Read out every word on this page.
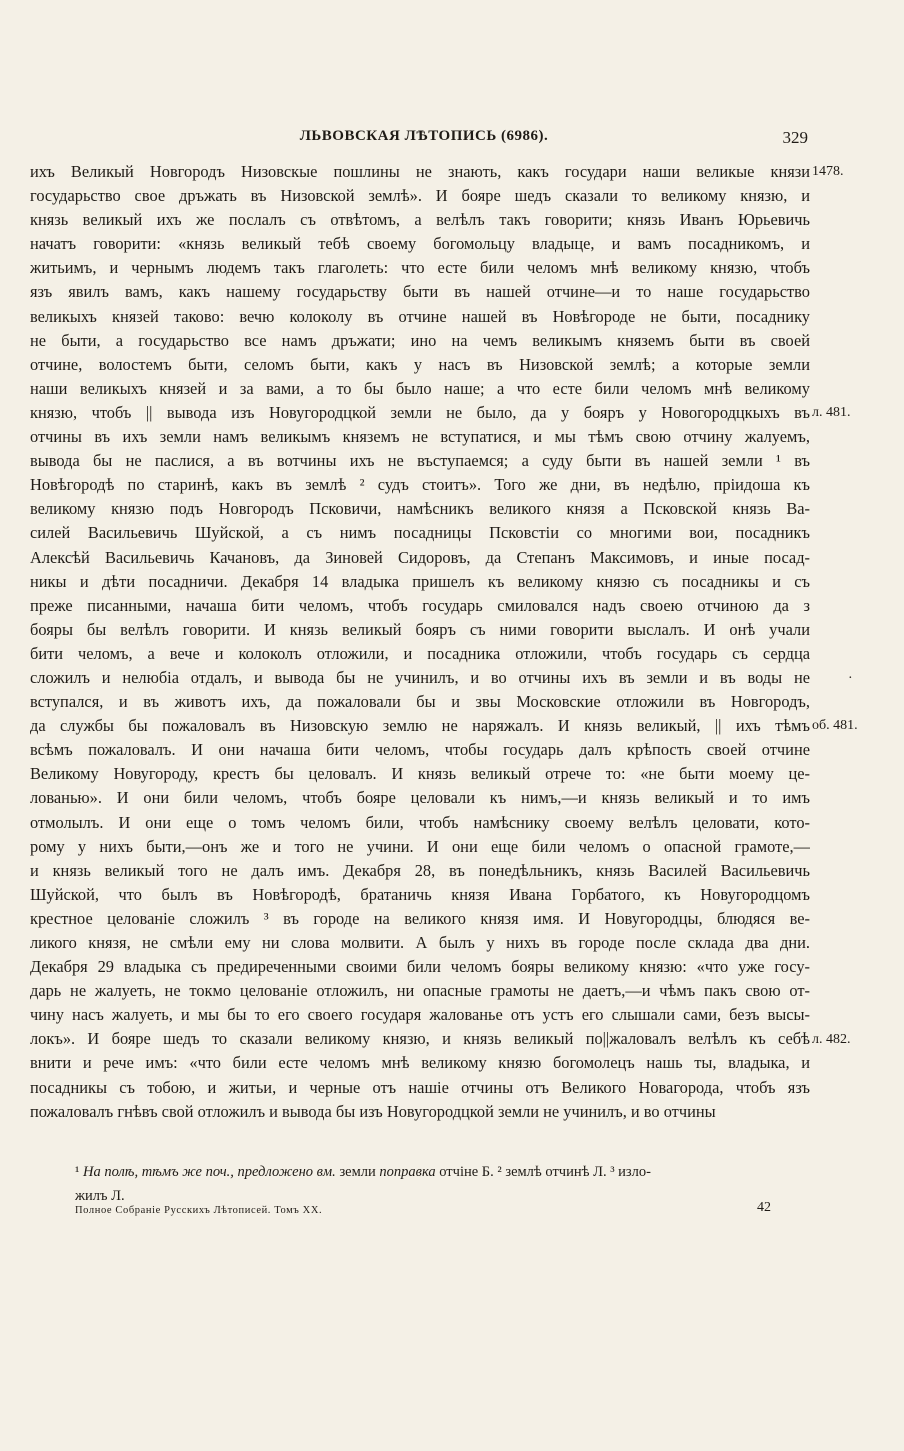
ЛЬВОВСКАЯ ЛѢТОПИСЬ (6986).	329
ихъ Великый Новгородъ Низовскые пошлины не знають, какъ государи наши великые князи
государьство свое дръжать въ Низовской землѣ». И бояре шедъ сказали то великому князю, и
князь великый ихъ же послалъ съ отвѣтомъ, а велѣлъ такъ говорити; князь Иванъ Юрьевичь
начатъ говорити: «князь великый тебѣ своему богомольцу владыце, и вамъ посадникомъ, и
житьимъ, и чернымъ людемъ такъ глаголеть: что есте били челомъ мнѣ великому князю, чтобъ
язъ явилъ вамъ, какъ нашему государьству быти въ нашей отчине—и то наше государьство
великыхъ князей таково: вечю колоколу въ отчине нашей въ Новѣгороде не быти, посаднику
не быти, а государьство все намъ дръжати; ино на чемъ великымъ княземъ быти въ своей
отчине, волостемъ быти, селомъ быти, какъ у насъ въ Низовской землѣ; а которые земли
наши великыхъ князей и за вами, а то бы было наше; а что есте били челомъ мнѣ великому
князю, чтобъ || вывода изъ Новугородцкой земли не было, да у бояръ у Новогородцкыхъ въ
отчины въ ихъ земли намъ великымъ княземъ не вступатися, и мы тѣмъ свою отчину жалуемъ,
вывода бы не паслися, а въ вотчины ихъ не въступаемся; а суду быти въ нашей земли ¹ въ
Новѣгородѣ по старинѣ, какъ въ землѣ ² судъ стоитъ». Того же дни, въ недѣлю, пріидоша къ
великому князю подъ Новгородъ Псковичи, намѣсникъ великого князя а Псковской князь Ва-
силей Васильевичь Шуйской, а съ нимъ посадницы Псковстіи со многими вои, посадникъ
Алексѣй Васильевичь Качановъ, да Зиновей Сидоровъ, да Степанъ Максимовъ, и иные посад-
никы и дѣти посадничи. Декабря 14 владыка пришелъ къ великому князю съ посадникы и съ
преже писанными, начаша бити челомъ, чтобъ государь смиловался надъ своею отчиною да з
бояры бы велѣлъ говорити. И князь великый бояръ съ ними говорити выслалъ. И онѣ учали
бити челомъ, а вече и колоколъ отложили, и посадника отложили, чтобъ государь съ сердца
сложилъ и нелюбіа отдалъ, и вывода бы не учинилъ, и во отчины ихъ въ земли и въ воды не
вступался, и въ животъ ихъ, да пожаловали бы и звы Московские отложили въ Новгородъ,
да службы бы пожаловалъ въ Низовскую землю не наряжалъ. И князь великый, || ихъ тѣмъ
всѣмъ пожаловалъ. И они начаша бити челомъ, чтобы государь далъ крѣпость своей отчине
Великому Новугороду, крестъ бы целовалъ. И князь великый отрече то: «не быти моему це-
лованью». И они били челомъ, чтобъ бояре целовали къ нимъ,—и князь великый и то имъ
отмолылъ. И они еще о томъ челомъ били, чтобъ намѣснику своему велѣлъ целовати, кото-
рому у нихъ быти,—онъ же и того не учини. И они еще били челомъ о опасной грамоте,—
и князь великый того не далъ имъ. Декабря 28, въ понедѣльникъ, князь Василей Васильевичь
Шуйской, что былъ въ Новѣгородѣ, братаничь князя Ивана Горбатого, къ Новугородцомъ
крестное целованіе сложилъ ³ въ городе на великого князя имя. И Новугородцы, блюдяся ве-
ликого князя, не смѣли ему ни слова молвити. А былъ у нихъ въ городе после склада два дни.
Декабря 29 владыка съ предиреченными своими били челомъ бояры великому князю: «что уже госу-
дарь не жалуеть, не токмо целованіе отложилъ, ни опасные грамоты не даетъ,—и чѣмъ пакъ свою от-
чину насъ жалуеть, и мы бы то его своего государя жалованье отъ устъ его слышали сами, безъ высы-
локъ». И бояре шедъ то сказали великому князю, и князь великый по||жаловалъ велѣлъ къ себѣ
внити и рече имъ: «что били есте челомъ мнѣ великому князю богомолецъ нашь ты, владыка, и
посадникы съ тобою, и житьи, и черные отъ нашіе отчины отъ Великого Новагорода, чтобъ язъ
пожаловалъ гнѣвъ свой отложилъ и вывода бы изъ Новугородцкой земли не учинилъ, и во отчины
1478.
л. 481.
об. 481.
л. 482.
·
¹ На полѣ, тѣмъ же поч., предложено вм. земли поправка отчіне Б. ² землѣ отчинѣ Л. ³ изло-
жилъ Л.
Полное Собраніе Русскихъ Лѣтописей. Томъ XX.	42
